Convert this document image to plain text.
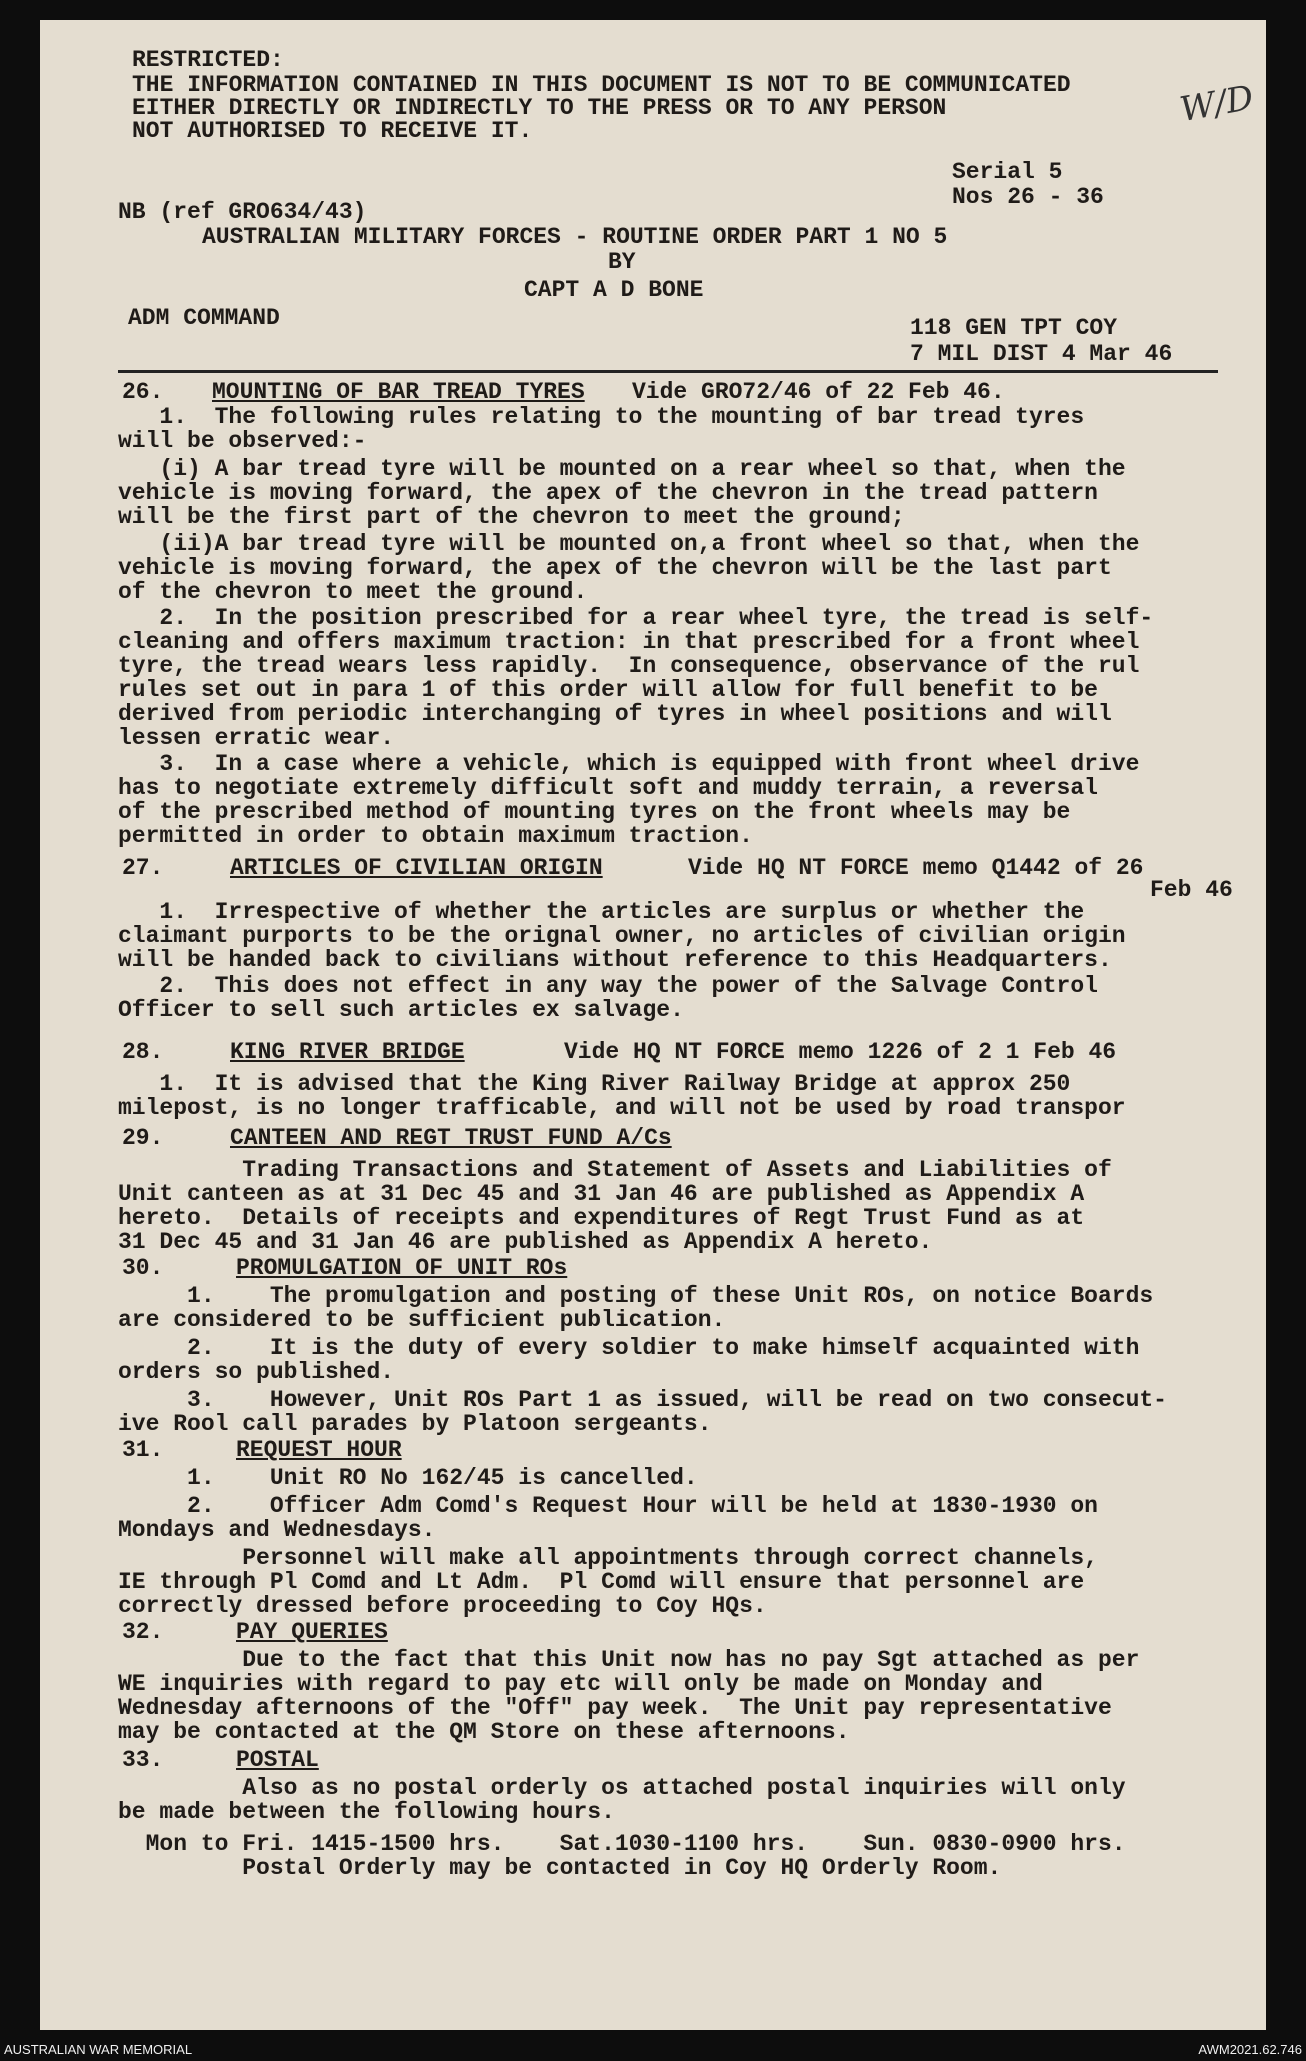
RESTRICTED:
THE INFORMATION CONTAINED IN THIS DOCUMENT IS NOT TO BE COMMUNICATED
EITHER DIRECTLY OR INDIRECTLY TO THE PRESS OR TO ANY PERSON
NOT AUTHORISED TO RECEIVE IT.
W/D
Serial 5
Nos 26 - 36
NB (ref GRO634/43)
AUSTRALIAN MILITARY FORCES - ROUTINE ORDER PART 1 NO 5
BY
CAPT A D BONE
ADM COMMAND	118 GEN TPT COY
7 MIL DIST 4 Mar 46
26. MOUNTING OF BAR TREAD TYRES Vide GRO72/46 of 22 Feb 46.
1.  The following rules relating to the mounting of bar tread tyres
will be observed:-
(i) A bar tread tyre will be mounted on a rear wheel so that, when the
vehicle is moving forward, the apex of the chevron in the tread pattern
will be the first part of the chevron to meet the ground;
(ii)A bar tread tyre will be mounted on,a front wheel so that, when the
vehicle is moving forward, the apex of the chevron will be the last part
of the chevron to meet the ground.
2.  In the position prescribed for a rear wheel tyre, the tread is self-
cleaning and offers maximum traction: in that prescribed for a front wheel
tyre, the tread wears less rapidly.  In consequence, observance of the rul
rules set out in para 1 of this order will allow for full benefit to be
derived from periodic interchanging of tyres in wheel positions and will
lessen erratic wear.
3.  In a case where a vehicle, which is equipped with front wheel drive
has to negotiate extremely difficult soft and muddy terrain, a reversal
of the prescribed method of mounting tyres on the front wheels may be
permitted in order to obtain maximum traction.
27.	ARTICLES OF CIVILIAN ORIGIN	Vide HQ NT FORCE memo Q1442 of 26
Feb 46
1.  Irrespective of whether the articles are surplus or whether the
claimant purports to be the orignal owner, no articles of civilian origin
will be handed back to civilians without reference to this Headquarters.
2.  This does not effect in any way the power of the Salvage Control
Officer to sell such articles ex salvage.
28.	KING RIVER BRIDGE	Vide HQ NT FORCE memo 1226 of 2 1 Feb 46
1.  It is advised that the King River Railway Bridge at approx 250
milepost, is no longer trafficable, and will not be used by road transpor
29.	CANTEEN AND REGT TRUST FUND A/Cs
Trading Transactions and Statement of Assets and Liabilities of
Unit canteen as at 31 Dec 45 and 31 Jan 46 are published as Appendix A
hereto.  Details of receipts and expenditures of Regt Trust Fund as at
31 Dec 45 and 31 Jan 46 are published as Appendix A hereto.
30.	PROMULGATION OF UNIT ROs
1.    The promulgation and posting of these Unit ROs, on notice Boards
are considered to be sufficient publication.
2.    It is the duty of every soldier to make himself acquainted with
orders so published.
3.    However, Unit ROs Part 1 as issued, will be read on two consecut-
ive Rool call parades by Platoon sergeants.
31.	REQUEST HOUR
1.    Unit RO No 162/45 is cancelled.
2.    Officer Adm Comd's Request Hour will be held at 1830-1930 on
Mondays and Wednesdays.
Personnel will make all appointments through correct channels,
IE through Pl Comd and Lt Adm.  Pl Comd will ensure that personnel are
correctly dressed before proceeding to Coy HQs.
32.	PAY QUERIES
Due to the fact that this Unit now has no pay Sgt attached as per
WE inquiries with regard to pay etc will only be made on Monday and
Wednesday afternoons of the "Off" pay week.  The Unit pay representative
may be contacted at the QM Store on these afternoons.
33.	POSTAL
Also as no postal orderly os attached postal inquiries will only
be made between the following hours.
Mon to Fri. 1415-1500 hrs.    Sat.1030-1100 hrs.    Sun. 0830-0900 hrs.
Postal Orderly may be contacted in Coy HQ Orderly Room.
AUSTRALIAN WAR MEMORIAL	AWM2021.62.746
